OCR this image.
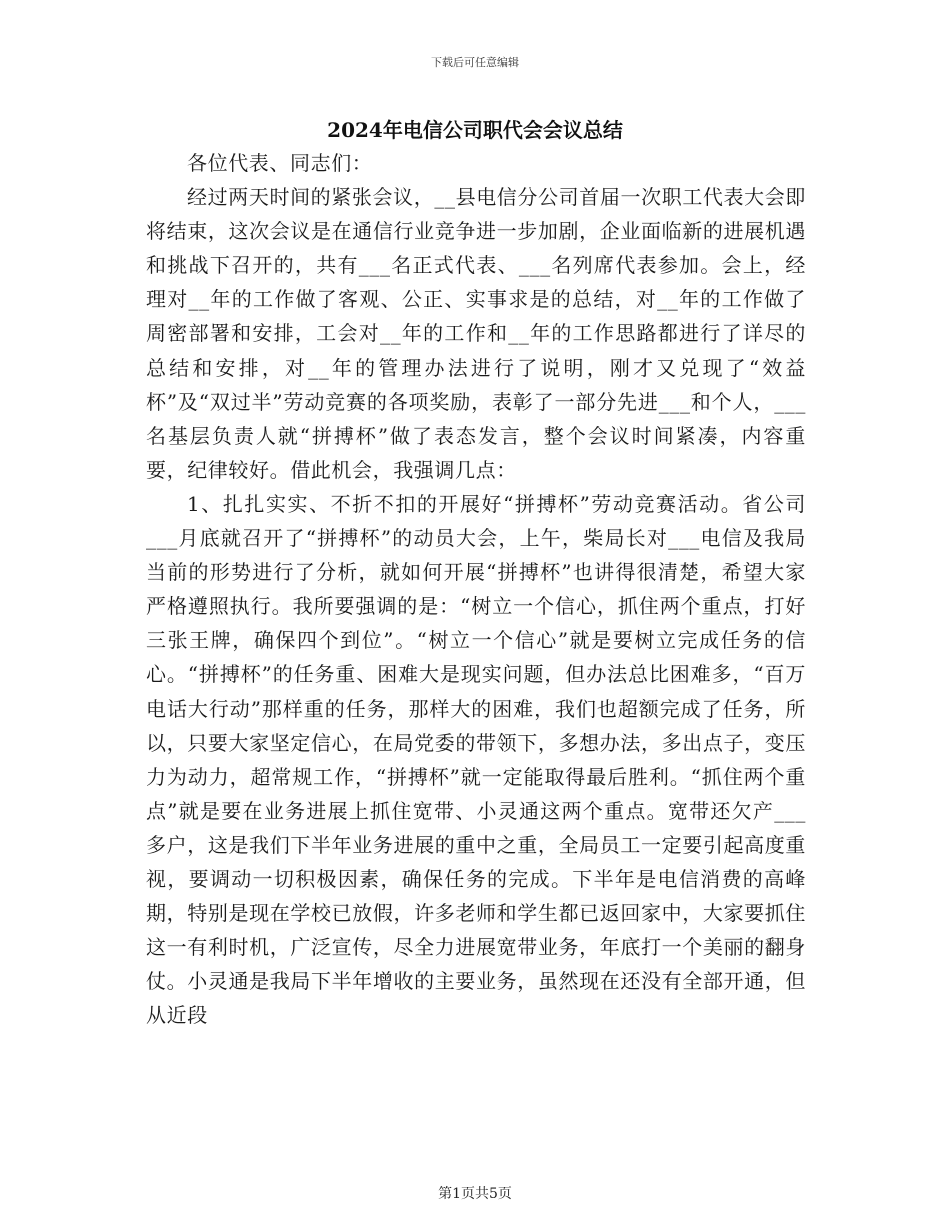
下载后可任意编辑
2024年电信公司职代会会议总结

各位代表、同志们：

经过两天时间的紧张会议，__县电信分公司首届一次职工代表大会即将结束，这次会议是在通信行业竞争进一步加剧，企业面临新的进展机遇和挑战下召开的，共有___名正式代表、___名列席代表参加。会上，经理对__年的工作做了客观、公正、实事求是的总结，对__年的工作做了周密部署和安排，工会对__年的工作和__年的工作思路都进行了详尽的总结和安排，对__年的管理办法进行了说明，刚才又兑现了“效益杯”及“双过半”劳动竞赛的各项奖励，表彰了一部分先进___和个人，___名基层负责人就“拼搏杯”做了表态发言，整个会议时间紧凑，内容重要，纪律较好。借此机会，我强调几点：

1、扎扎实实、不折不扣的开展好“拼搏杯”劳动竞赛活动。省公司___月底就召开了“拼搏杯”的动员大会，上午，柴局长对___电信及我局当前的形势进行了分析，就如何开展“拼搏杯”也讲得很清楚，希望大家严格遵照执行。我所要强调的是：“树立一个信心，抓住两个重点，打好三张王牌，确保四个到位”。“树立一个信心”就是要树立完成任务的信心。“拼搏杯”的任务重、困难大是现实问题，但办法总比困难多，“百万电话大行动”那样重的任务，那样大的困难，我们也超额完成了任务，所以，只要大家坚定信心，在局党委的带领下，多想办法，多出点子，变压力为动力，超常规工作，“拼搏杯”就一定能取得最后胜利。“抓住两个重点”就是要在业务进展上抓住宽带、小灵通这两个重点。宽带还欠产___多户，这是我们下半年业务进展的重中之重，全局员工一定要引起高度重视，要调动一切积极因素，确保任务的完成。下半年是电信消费的高峰期，特别是现在学校已放假，许多老师和学生都已返回家中，大家要抓住这一有利时机，广泛宣传，尽全力进展宽带业务，年底打一个美丽的翻身仗。小灵通是我局下半年增收的主要业务，虽然现在还没有全部开通，但从近段

第1页共5页
